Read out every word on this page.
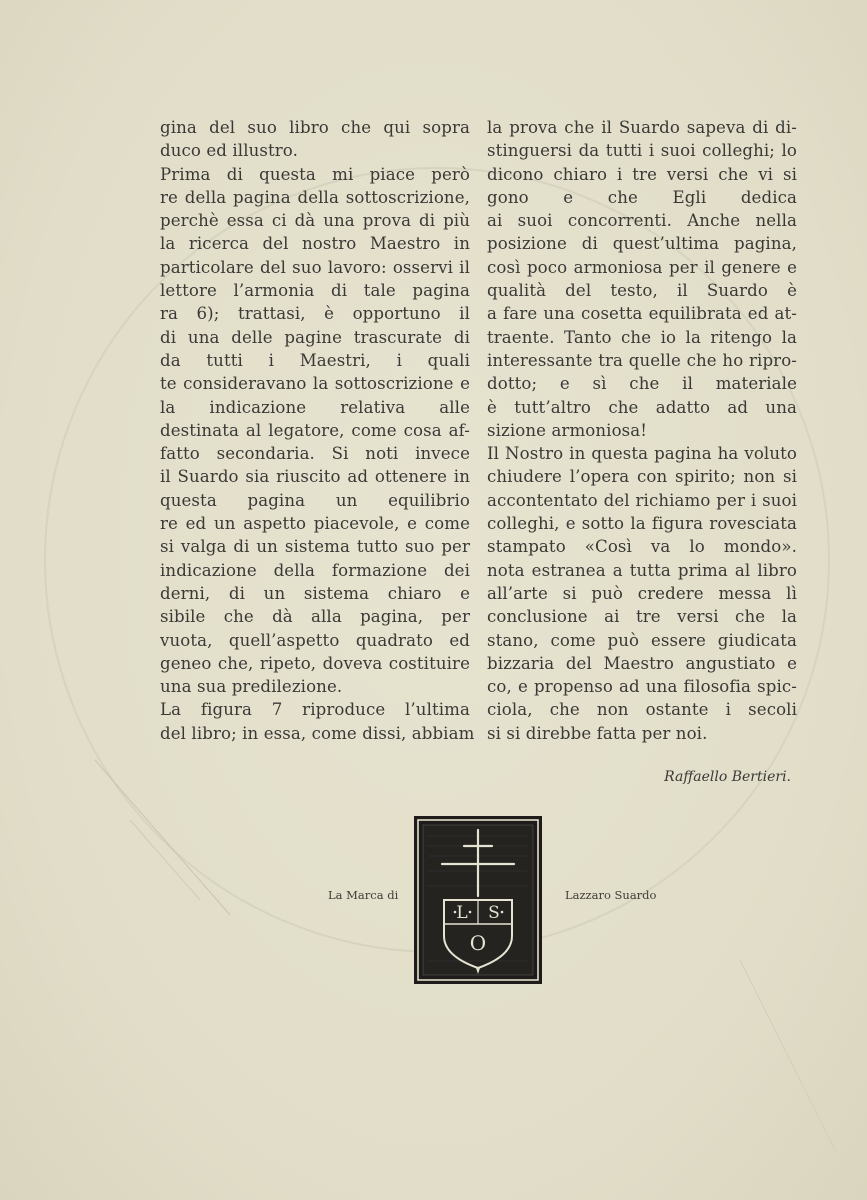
gina del suo libro che qui sopra
duco ed illustro.
Prima di questa mi piace però
re della pagina della sottoscrizione,
perchè essa ci dà una prova di più
la ricerca del nostro Maestro in
particolare del suo lavoro: osservi il
lettore l’armonia di tale pagina
ra 6); trattasi, è opportuno il
di una delle pagine trascurate di
da tutti i Maestri, i quali
te consideravano la sottoscrizione e
la indicazione relativa alle
destinata al legatore, come cosa af-
fatto secondaria. Si noti invece
il Suardo sia riuscito ad ottenere in
questa pagina un equilibrio
re ed un aspetto piacevole, e come
si valga di un sistema tutto suo per
indicazione della formazione dei
derni, di un sistema chiaro e
sibile che dà alla pagina, per
vuota, quell’aspetto quadrato ed
geneo che, ripeto, doveva costituire
una sua predilezione.
La figura 7 riproduce l’ultima
del libro; in essa, come dissi, abbiam
la prova che il Suardo sapeva di di-
stinguersi da tutti i suoi colleghi; lo
dicono chiaro i tre versi che vi si
gono e che Egli dedica
ai suoi concorrenti. Anche nella
posizione di quest’ultima pagina,
così poco armoniosa per il genere e
qualità del testo, il Suardo è
a fare una cosetta equilibrata ed at-
traente. Tanto che io la ritengo la
interessante tra quelle che ho ripro-
dotto; e sì che il materiale
è tutt’altro che adatto ad una
sizione armoniosa!
Il Nostro in questa pagina ha voluto
chiudere l’opera con spirito; non si
accontentato del richiamo per i suoi
colleghi, e sotto la figura rovesciata
stampato «Così va lo mondo».
nota estranea a tutta prima al libro
all’arte si può credere messa lì
conclusione ai tre versi che la
stano, come può essere giudicata
bizzaria del Maestro angustiato e
co, e propenso ad una filosofia spic-
ciola, che non ostante i secoli
si si direbbe fatta per noi.
Raffaello Bertieri.
La Marca di	Lazzaro Suardo
L S
O
